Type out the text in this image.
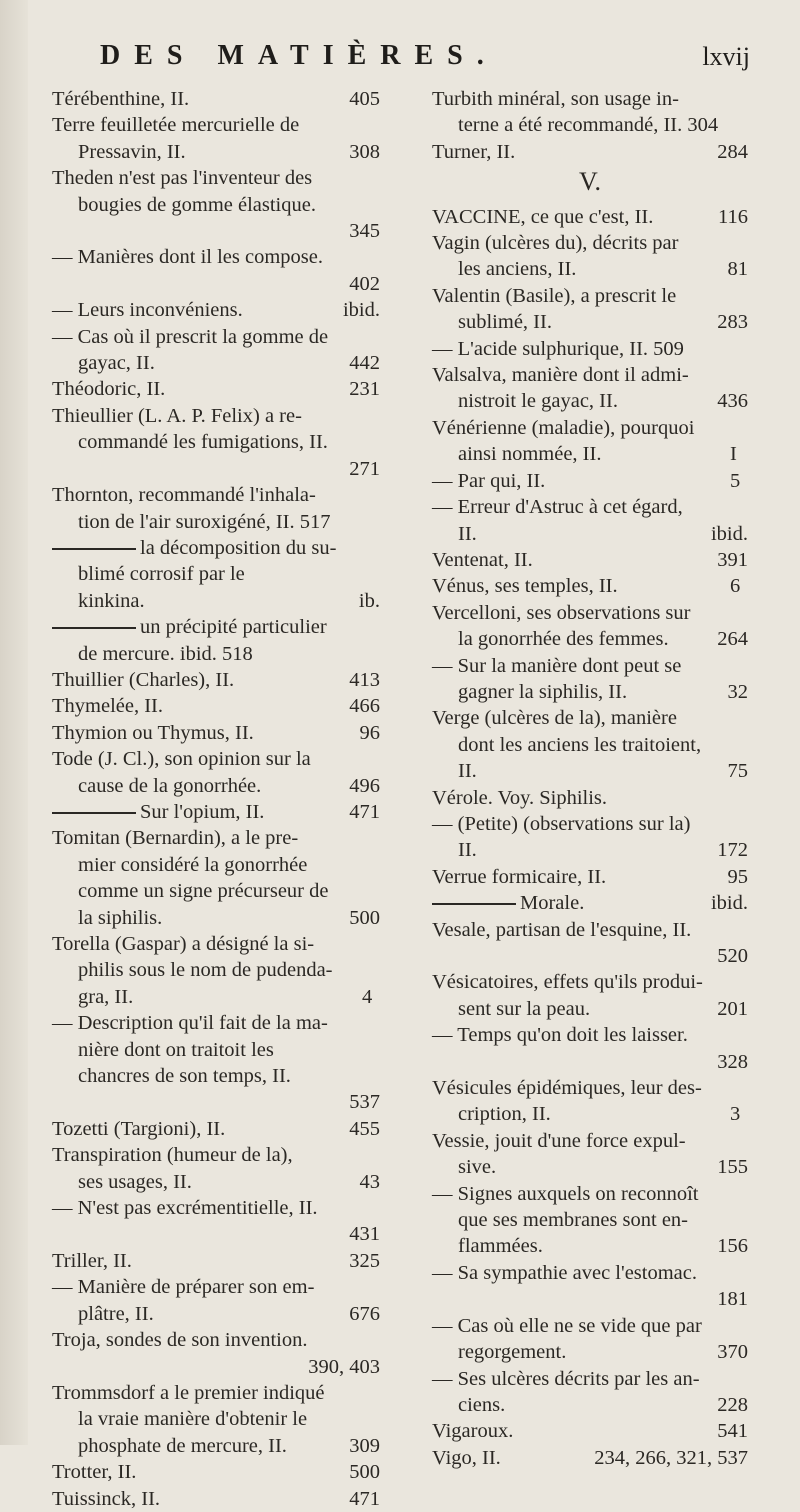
DES MATIÈRES.	lxvij
405
Térébenthine, II.
Terre feuilletée mercurielle de
308
Pressavin, II.
Theden n'est pas l'inventeur des
bougies de gomme élastique.
345
— Manières dont il les compose.
402
ibid.
— Leurs inconvéniens.
— Cas où il prescrit la gomme de
442
gayac, II.
231
Théodoric, II.
Thieullier (L. A. P. Felix) a re-
commandé les fumigations, II.
271
Thornton, recommandé l'inhala-
tion de l'air suroxigéné, II. 517
la décomposition du su-
blimé corrosif par le
ib.
kinkina.
un précipité particulier
de mercure. ibid. 518
413
Thuillier (Charles), II.
466
Thymelée, II.
96
Thymion ou Thymus, II.
Tode (J. Cl.), son opinion sur la
496
cause de la gonorrhée.
471
Sur l'opium, II.
Tomitan (Bernardin), a le pre-
mier considéré la gonorrhée
comme un signe précurseur de
500
la siphilis.
Torella (Gaspar) a désigné la si-
philis sous le nom de pudenda-
4
gra, II.
— Description qu'il fait de la ma-
nière dont on traitoit les
chancres de son temps, II.
537
455
Tozetti (Targioni), II.
Transpiration (humeur de la),
43
ses usages, II.
— N'est pas excrémentitielle, II.
431
325
Triller, II.
— Manière de préparer son em-
676
plâtre, II.
Troja, sondes de son invention.
390, 403
Trommsdorf a le premier indiqué
la vraie manière d'obtenir le
309
phosphate de mercure, II.
500
Trotter, II.
471
Tuissinck, II.
Turbith minéral, son usage in-
terne a été recommandé, II. 304
284
Turner, II.
V.
116
VACCINE, ce que c'est, II.
Vagin (ulcères du), décrits par
81
les anciens, II.
Valentin (Basile), a prescrit le
283
sublimé, II.
— L'acide sulphurique, II. 509
Valsalva, manière dont il admi-
436
nistroit le gayac, II.
Vénérienne (maladie), pourquoi
I
ainsi nommée, II.
5
— Par qui, II.
— Erreur d'Astruc à cet égard,
ibid.
II.
391
Ventenat, II.
6
Vénus, ses temples, II.
Vercelloni, ses observations sur
264
la gonorrhée des femmes.
— Sur la manière dont peut se
32
gagner la siphilis, II.
Verge (ulcères de la), manière
dont les anciens les traitoient,
75
II.
Vérole. Voy. Siphilis.
— (Petite) (observations sur la)
172
II.
95
Verrue formicaire, II.
ibid.
Morale.
Vesale, partisan de l'esquine, II.
520
Vésicatoires, effets qu'ils produi-
201
sent sur la peau.
— Temps qu'on doit les laisser.
328
Vésicules épidémiques, leur des-
3
cription, II.
Vessie, jouit d'une force expul-
155
sive.
— Signes auxquels on reconnoît
que ses membranes sont en-
156
flammées.
— Sa sympathie avec l'estomac.
181
— Cas où elle ne se vide que par
370
regorgement.
— Ses ulcères décrits par les an-
228
ciens.
541
Vigaroux.
234, 266, 321, 537
Vigo, II.
